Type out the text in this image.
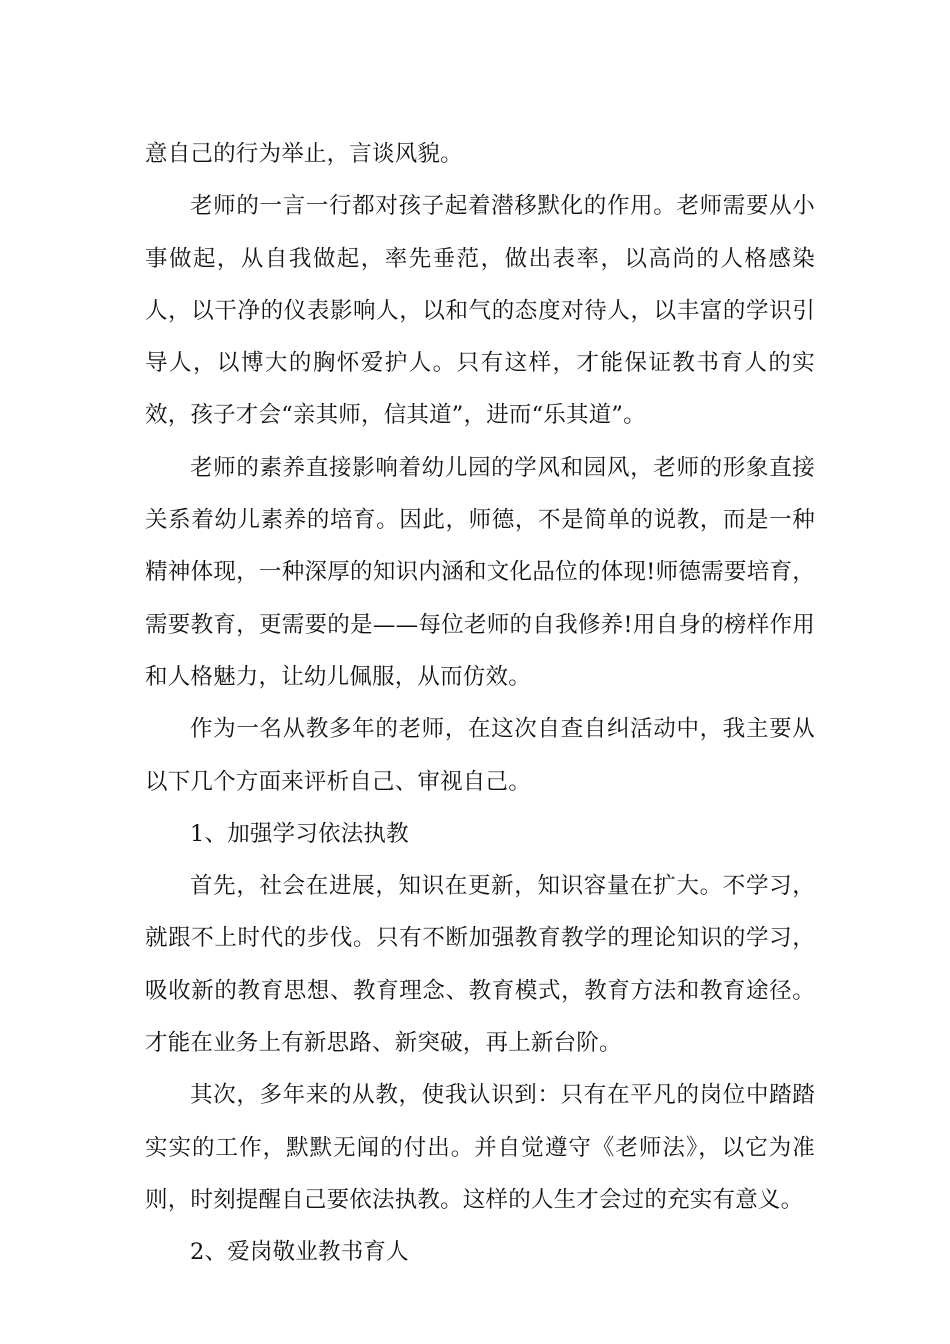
意自己的行为举止，言谈风貌。

老师的一言一行都对孩子起着潜移默化的作用。老师需要从小事做起，从自我做起，率先垂范，做出表率，以高尚的人格感染人，以干净的仪表影响人，以和气的态度对待人，以丰富的学识引导人，以博大的胸怀爱护人。只有这样，才能保证教书育人的实效，孩子才会“亲其师，信其道”，进而“乐其道”。

老师的素养直接影响着幼儿园的学风和园风，老师的形象直接关系着幼儿素养的培育。因此，师德，不是简单的说教，而是一种精神体现，一种深厚的知识内涵和文化品位的体现!师德需要培育，需要教育，更需要的是——每位老师的自我修养!用自身的榜样作用和人格魅力，让幼儿佩服，从而仿效。

作为一名从教多年的老师，在这次自查自纠活动中，我主要从以下几个方面来评析自己、审视自己。

1、加强学习依法执教

首先，社会在进展，知识在更新，知识容量在扩大。不学习，就跟不上时代的步伐。只有不断加强教育教学的理论知识的学习，吸收新的教育思想、教育理念、教育模式，教育方法和教育途径。才能在业务上有新思路、新突破，再上新台阶。

其次，多年来的从教，使我认识到：只有在平凡的岗位中踏踏实实的工作，默默无闻的付出。并自觉遵守《老师法》，以它为准则，时刻提醒自己要依法执教。这样的人生才会过的充实有意义。

2、爱岗敬业教书育人
